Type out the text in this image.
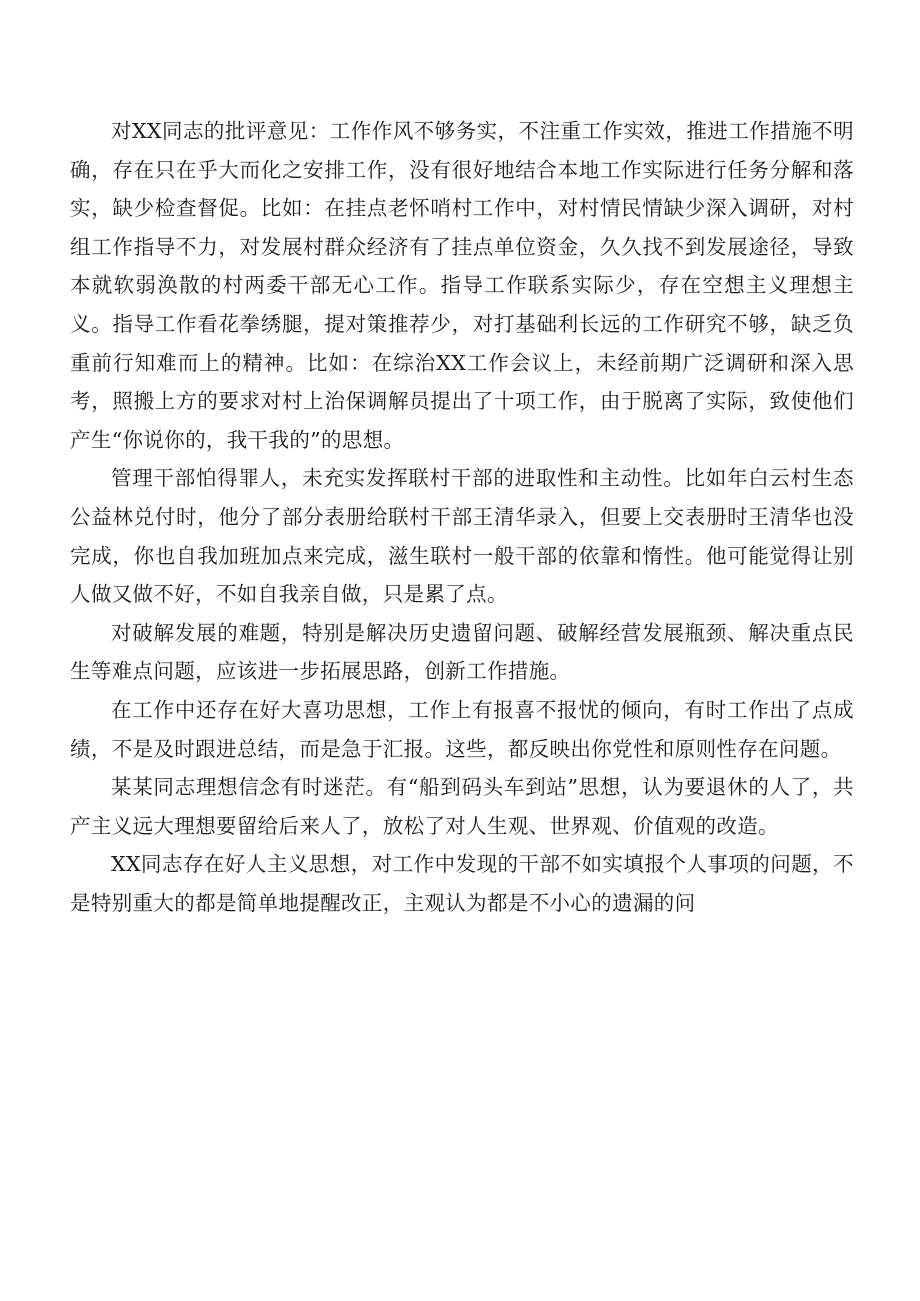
对XX同志的批评意见：工作作风不够务实，不注重工作实效，推进工作措施不明确，存在只在乎大而化之安排工作，没有很好地结合本地工作实际进行任务分解和落实，缺少检查督促。比如：在挂点老怀哨村工作中，对村情民情缺少深入调研，对村组工作指导不力，对发展村群众经济有了挂点单位资金，久久找不到发展途径，导致本就软弱涣散的村两委干部无心工作。指导工作联系实际少，存在空想主义理想主义。指导工作看花拳绣腿，提对策推荐少，对打基础利长远的工作研究不够，缺乏负重前行知难而上的精神。比如：在综治XX工作会议上，未经前期广泛调研和深入思考，照搬上方的要求对村上治保调解员提出了十项工作，由于脱离了实际，致使他们产生“你说你的，我干我的”的思想。

管理干部怕得罪人，未充实发挥联村干部的进取性和主动性。比如年白云村生态公益林兑付时，他分了部分表册给联村干部王清华录入，但要上交表册时王清华也没完成，你也自我加班加点来完成，滋生联村一般干部的依靠和惰性。他可能觉得让别人做又做不好，不如自我亲自做，只是累了点。

对破解发展的难题，特别是解决历史遗留问题、破解经营发展瓶颈、解决重点民生等难点问题，应该进一步拓展思路，创新工作措施。

在工作中还存在好大喜功思想，工作上有报喜不报忧的倾向，有时工作出了点成绩，不是及时跟进总结，而是急于汇报。这些，都反映出你党性和原则性存在问题。

某某同志理想信念有时迷茫。有“船到码头车到站”思想，认为要退休的人了，共产主义远大理想要留给后来人了，放松了对人生观、世界观、价值观的改造。

XX同志存在好人主义思想，对工作中发现的干部不如实填报个人事项的问题，不是特别重大的都是简单地提醒改正，主观认为都是不小心的遗漏的问
